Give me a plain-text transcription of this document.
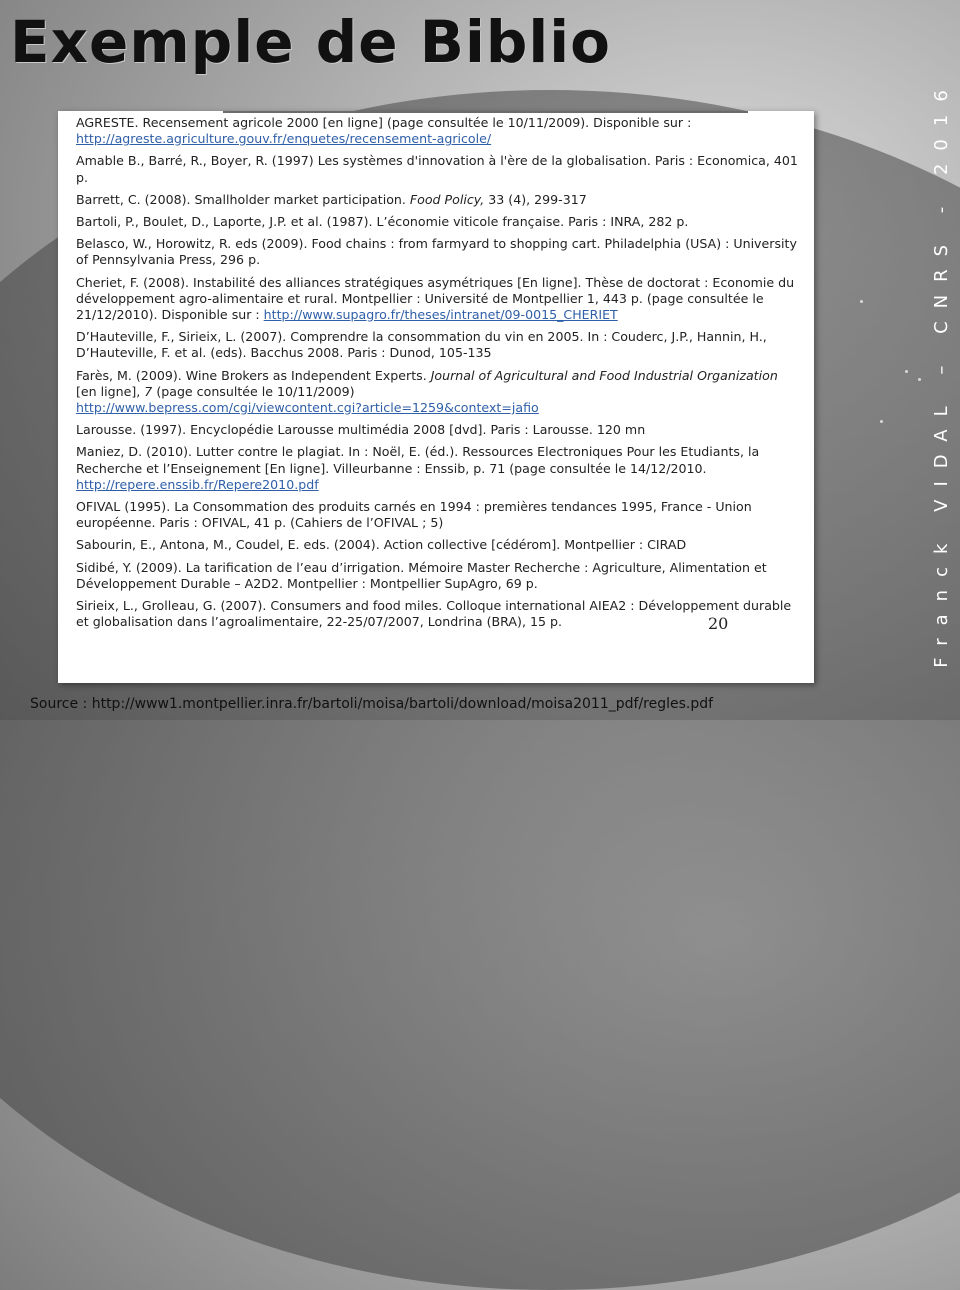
Exemple de Biblio
Franck VIDAL – CNRS - 2016

AGRESTE. Recensement agricole 2000 [en ligne] (page consultée le 10/11/2009). Disponible sur : http://agreste.agriculture.gouv.fr/enquetes/recensement-agricole/

Amable B., Barré, R., Boyer, R. (1997) Les systèmes d'innovation à l'ère de la globalisation. Paris : Economica, 401 p.

Barrett, C. (2008). Smallholder market participation. Food Policy, 33 (4), 299-317

Bartoli, P., Boulet, D., Laporte, J.P. et al. (1987). L’économie viticole française. Paris : INRA, 282 p.

Belasco, W., Horowitz, R. eds (2009). Food chains : from farmyard to shopping cart. Philadelphia (USA) : University of Pennsylvania Press, 296 p.

Cheriet, F. (2008). Instabilité des alliances stratégiques asymétriques [En ligne]. Thèse de doctorat : Economie du développement agro-alimentaire et rural. Montpellier : Université de Montpellier 1, 443 p. (page consultée le 21/12/2010). Disponible sur : http://www.supagro.fr/theses/intranet/09-0015_CHERIET

D’Hauteville, F., Sirieix, L. (2007). Comprendre la consommation du vin en 2005. In : Couderc, J.P., Hannin, H., D’Hauteville, F. et al. (eds). Bacchus 2008. Paris : Dunod, 105-135

Farès, M. (2009). Wine Brokers as Independent Experts. Journal of Agricultural and Food Industrial Organization [en ligne], 7 (page consultée le 10/11/2009)
http://www.bepress.com/cgi/viewcontent.cgi?article=1259&context=jafio

Larousse. (1997). Encyclopédie Larousse multimédia 2008 [dvd]. Paris : Larousse. 120 mn

Maniez, D. (2010). Lutter contre le plagiat. In : Noël, E. (éd.). Ressources Electroniques Pour les Etudiants, la Recherche et l’Enseignement [En ligne]. Villeurbanne : Enssib, p. 71 (page consultée le 14/12/2010. http://repere.enssib.fr/Repere2010.pdf

OFIVAL (1995). La Consommation des produits carnés en 1994 : premières tendances 1995, France - Union européenne. Paris : OFIVAL, 41 p. (Cahiers de l’OFIVAL ; 5)

Sabourin, E., Antona, M., Coudel, E. eds. (2004). Action collective [cédérom]. Montpellier : CIRAD

Sidibé, Y. (2009). La tarification de l’eau d’irrigation. Mémoire Master Recherche : Agriculture, Alimentation et Développement Durable – A2D2. Montpellier : Montpellier SupAgro, 69 p.

Sirieix, L., Grolleau, G. (2007). Consumers and food miles. Colloque international AIEA2 : Développement durable et globalisation dans l’agroalimentaire, 22-25/07/2007, Londrina (BRA), 15 p.	20

Source : http://www1.montpellier.inra.fr/bartoli/moisa/bartoli/download/moisa2011_pdf/regles.pdf
